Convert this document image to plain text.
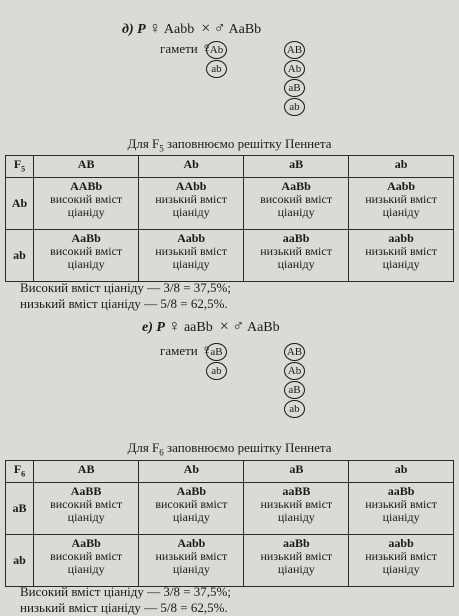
д) P ♀ Aabb × ♂ AaBb
гамети ♀
Ab
ab
AB
Ab
aB
ab
Для $F_5$ заповнюємо решітку Пеннета
$F_5$	AB	Ab	aB	ab
Ab	AABb
високий вміст
ціаніду	AAbb
низький вміст
ціаніду	AaBb
високий вміст
ціаніду	Aabb
низький вміст
ціаніду

ab	AaBb
високий вміст
ціаніду	Aabb
низький вміст
ціаніду	aaBb
низький вміст
ціаніду	aabb
низький вміст
ціаніду
Високий вміст ціаніду — 3/8 = 37,5%;
низький вміст ціаніду — 5/8 = 62,5%.
е) P ♀ aaBb × ♂ AaBb
гамети ♀
aB
ab
AB
Ab
aB
ab
Для $F_6$ заповнюємо решітку Пеннета
$F_6$	AB	Ab	aB	ab
aB	AaBB
високий вміст
ціаніду	AaBb
високий вміст
ціаніду	aaBB
низький вміст
ціаніду	aaBb
низький вміст
ціаніду

ab	AaBb
високий вміст
ціаніду	Aabb
низький вміст
ціаніду	aaBb
низький вміст
ціаніду	aabb
низький вміст
ціаніду
Високий вміст ціаніду — 3/8 = 37,5%;
низький вміст ціаніду — 5/8 = 62,5%.
